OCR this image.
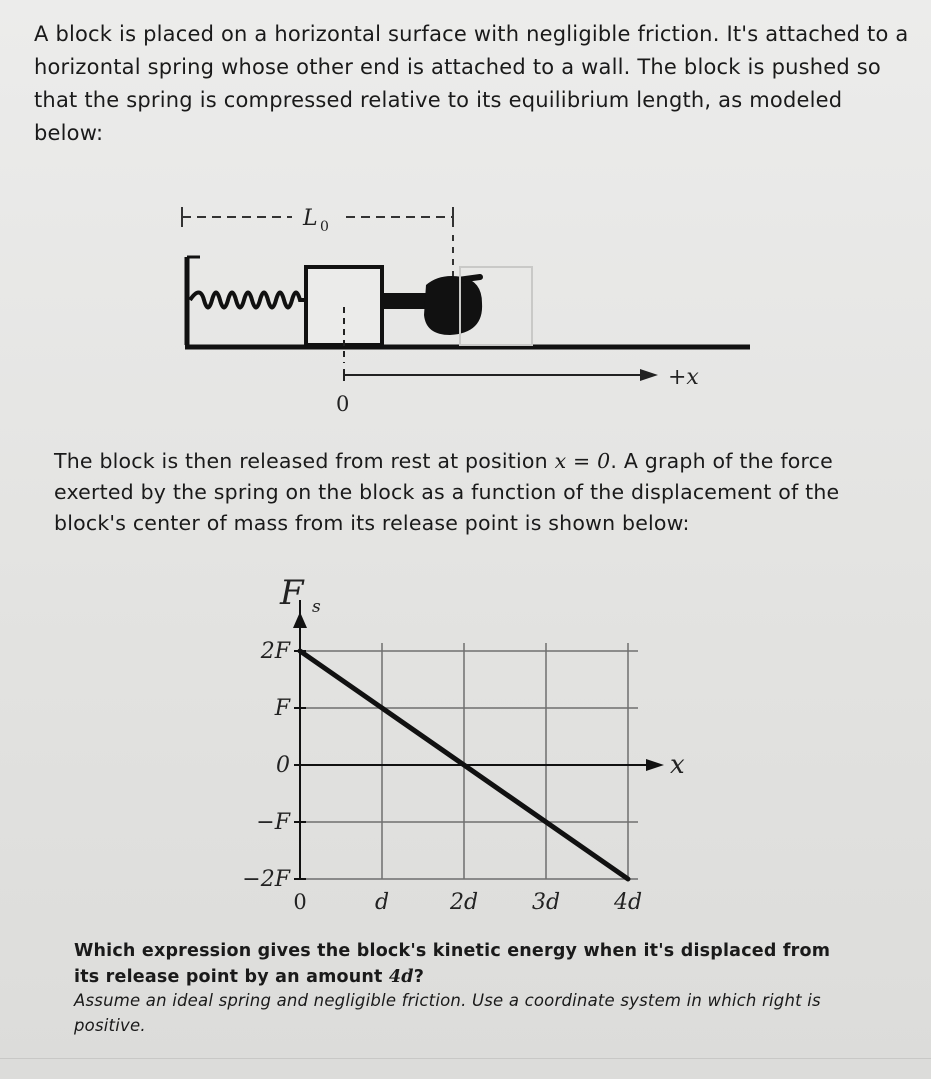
A block is placed on a horizontal surface with negligible friction. It's attached to a horizontal spring whose other end is attached to a wall. The block is pushed so that the spring is compressed relative to its equilibrium length, as modeled below:

L 0
+x
0

The block is then released from rest at position x = 0. A graph of the force exerted by the spring on the block as a function of the displacement of the block's center of mass from its release point is shown below:

F s
x
2F
F
0
−F
−2F
0	d	2d 3d 4d

Which expression gives the block's kinetic energy when it's displaced from its release point by an amount 4d?

Assume an ideal spring and negligible friction. Use a coordinate system in which right is positive.
